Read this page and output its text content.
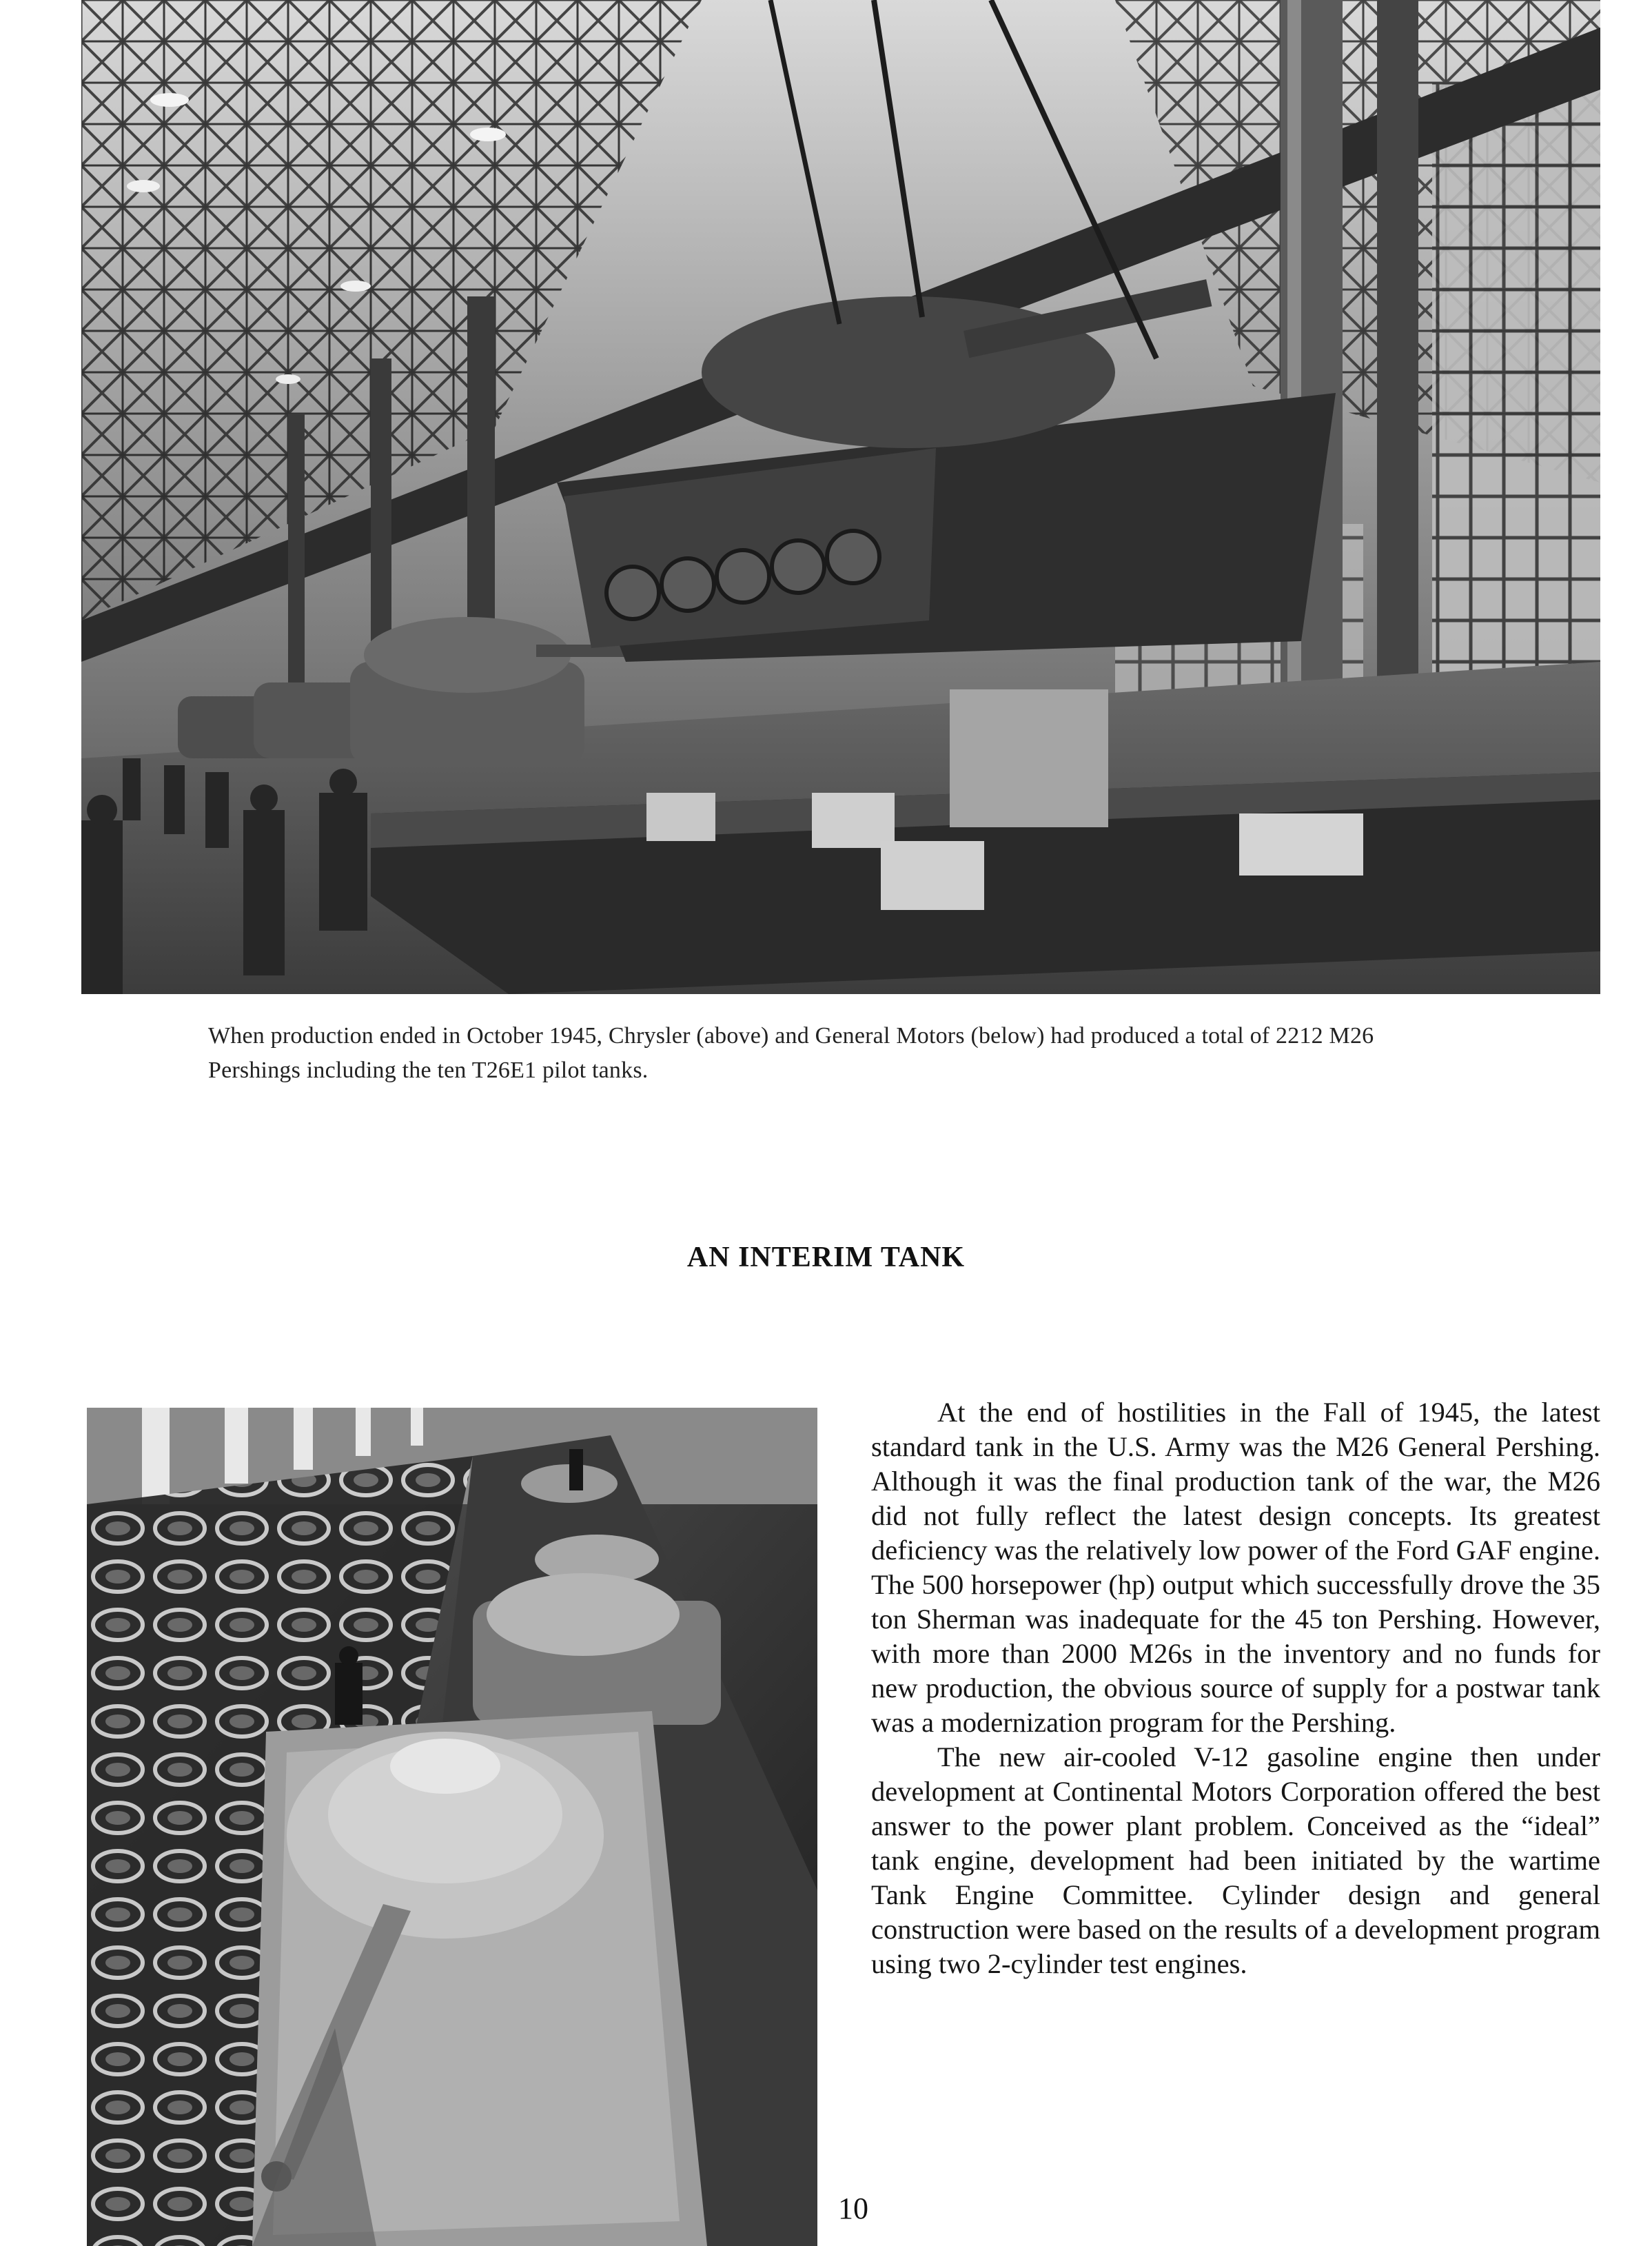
When production ended in October 1945, Chrysler (above) and General Motors (below) had produced a total of 2212 M26 Pershings including the ten T26E1 pilot tanks.
AN INTERIM TANK

At the end of hostilities in the Fall of 1945, the latest standard tank in the U.S. Army was the M26 General Pershing. Although it was the final production tank of the war, the M26 did not fully reflect the latest design concepts. Its greatest deficiency was the relatively low power of the Ford GAF engine. The 500 horsepower (hp) output which successfully drove the 35 ton Sherman was inadequate for the 45 ton Pershing. However, with more than 2000 M26s in the inventory and no funds for new production, the obvious source of supply for a postwar tank was a modernization program for the Pershing.

The new air-cooled V-12 gasoline engine then under development at Continental Motors Corporation offered the best answer to the power plant problem. Conceived as the “ideal” tank engine, development had been initiated by the wartime Tank Engine Committee. Cylinder design and general construction were based on the results of a development program using two 2-cylinder test engines.

10
